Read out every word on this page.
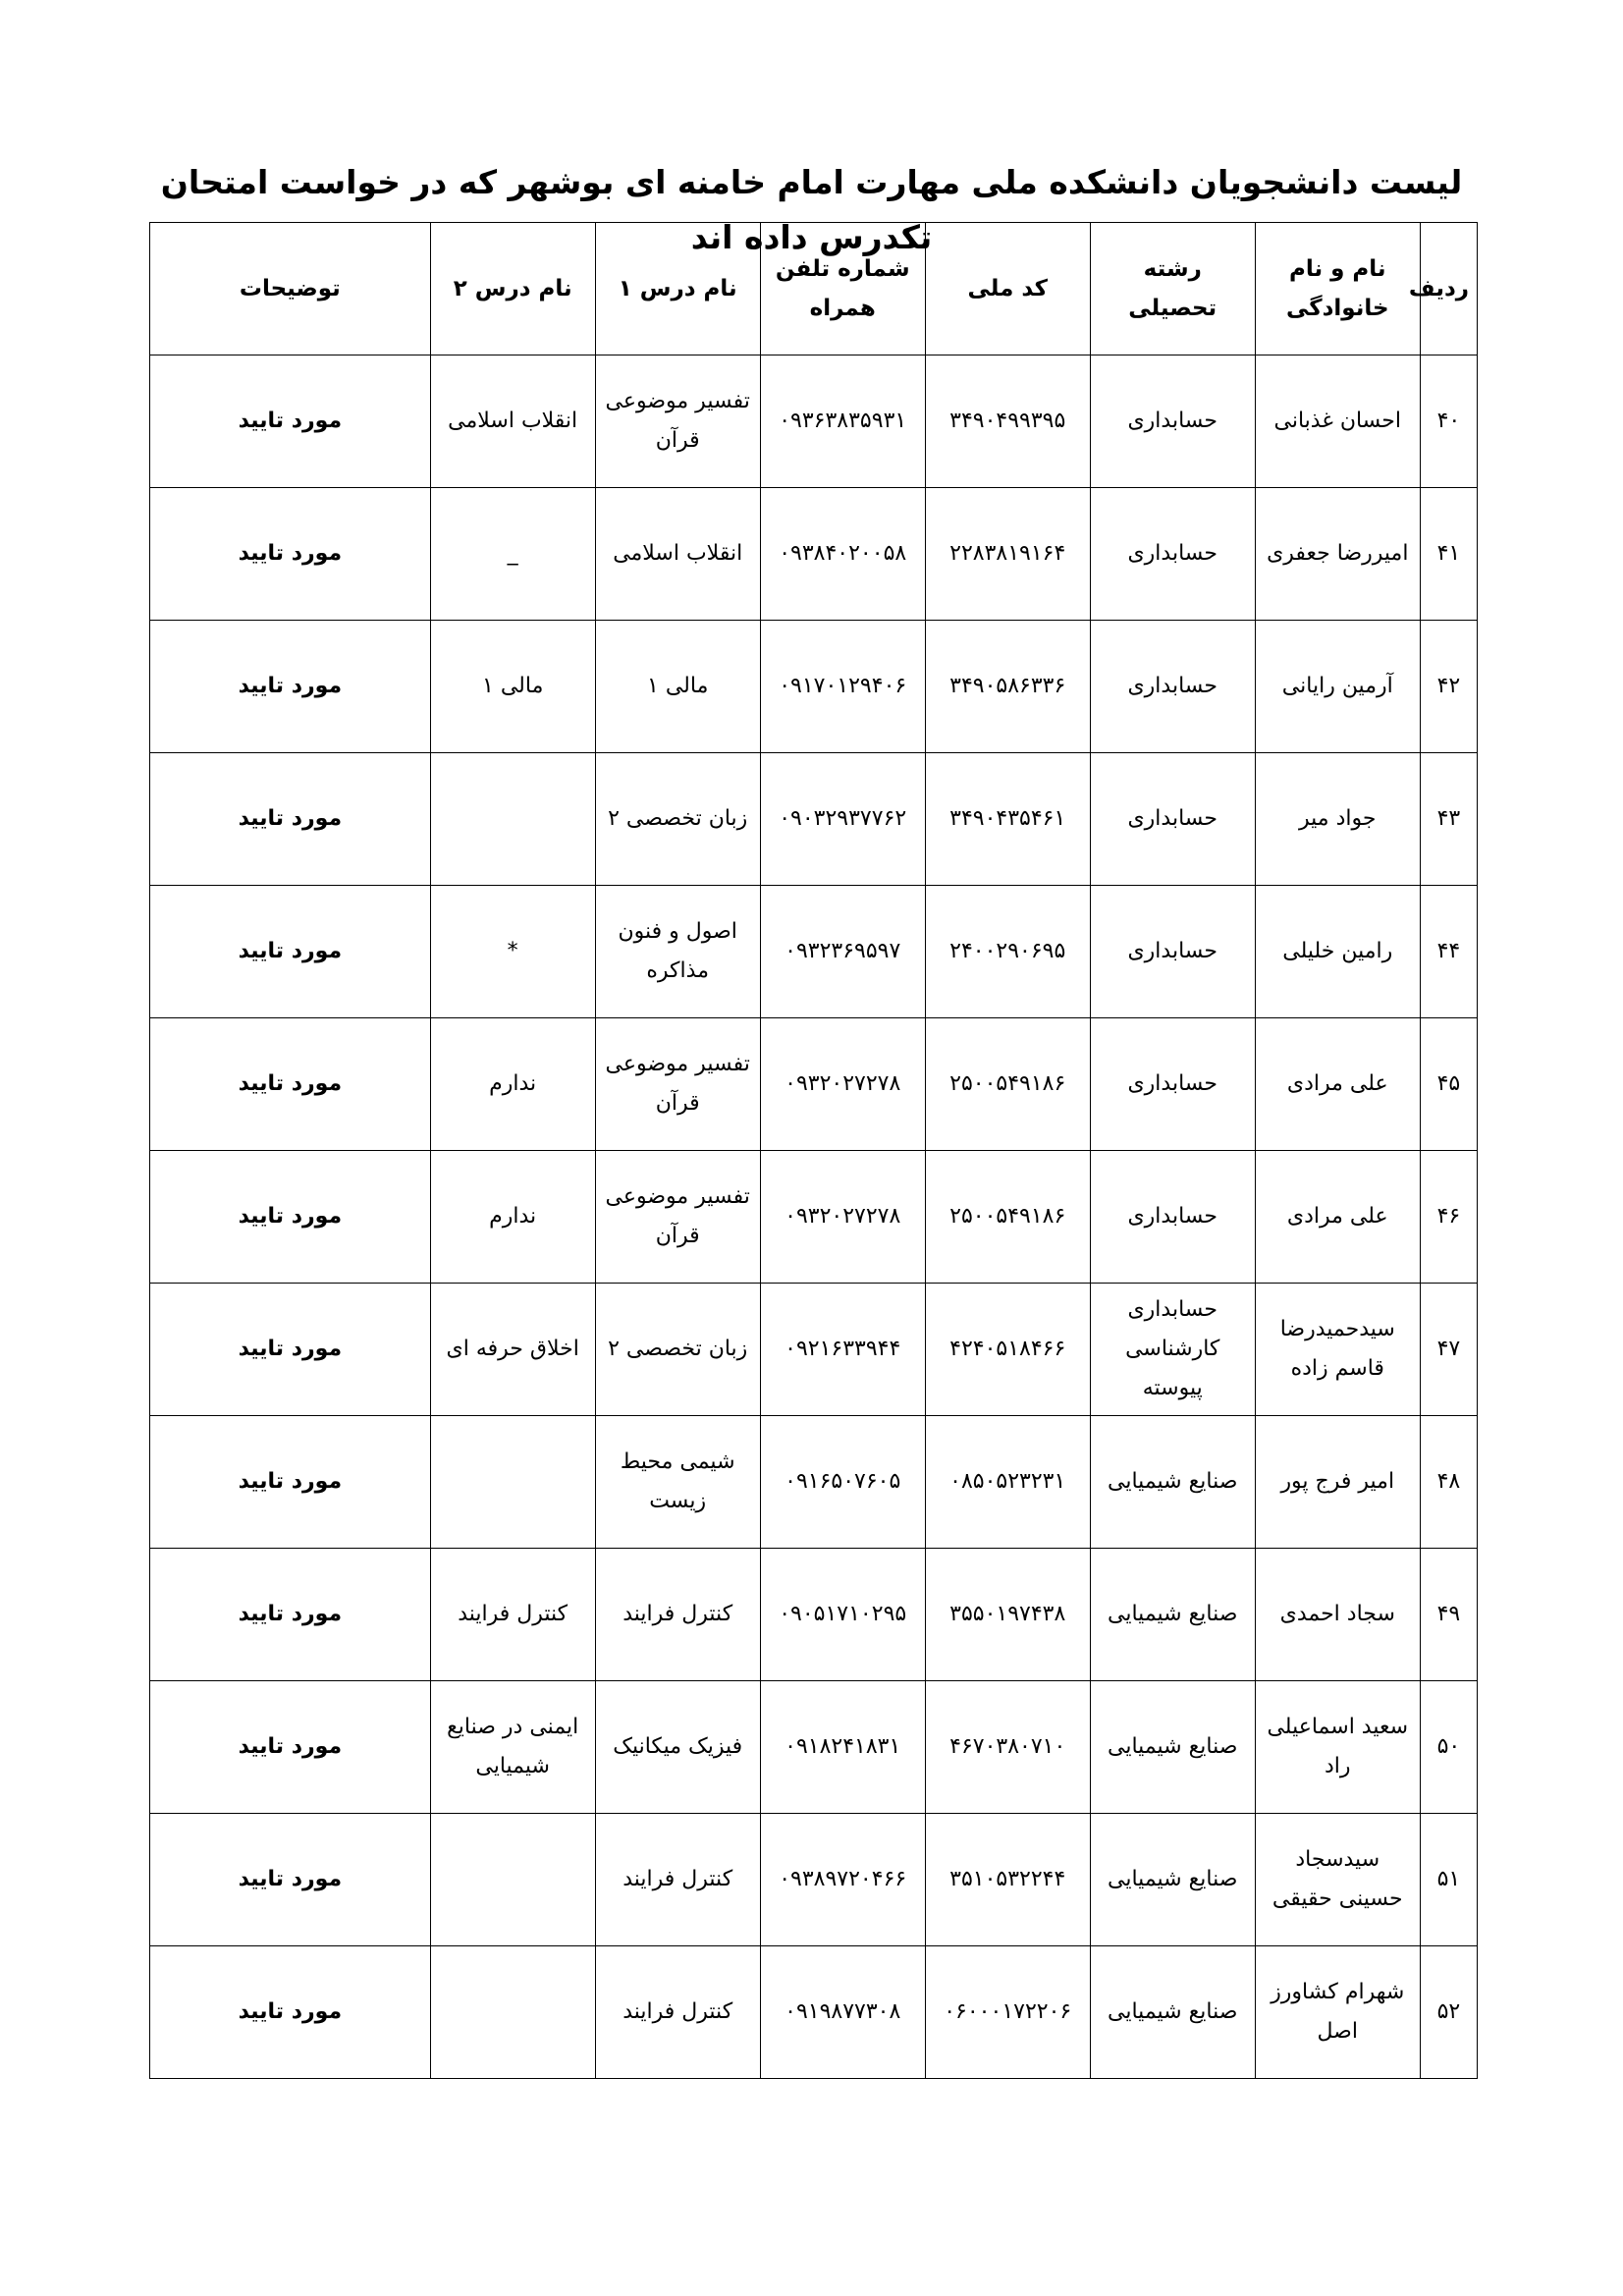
لیست دانشجویان دانشکده ملی مهارت امام خامنه ای بوشهر که در خواست امتحان تکدرس داده اند
ردیف	نام و نام خانوادگی	رشته تحصیلی	کد ملی	شماره تلفن همراه	نام درس ۱	نام درس ۲	توضیحات
۴۰	احسان غذبانی	حسابداری	۳۴۹۰۴۹۹۳۹۵	۰۹۳۶۳۸۳۵۹۳۱	تفسیر موضوعی قرآن	انقلاب اسلامی	مورد تایید
۴۱	امیررضا جعفری	حسابداری	۲۲۸۳۸۱۹۱۶۴	۰۹۳۸۴۰۲۰۰۵۸	انقلاب اسلامی	_	مورد تایید
۴۲	آرمین رایانی	حسابداری	۳۴۹۰۵۸۶۳۳۶	۰۹۱۷۰۱۲۹۴۰۶	مالی ۱	مالی ۱	مورد تایید
۴۳	جواد میر	حسابداری	۳۴۹۰۴۳۵۴۶۱	۰۹۰۳۲۹۳۷۷۶۲	زبان تخصصی ۲		مورد تایید
۴۴	رامین خلیلی	حسابداری	۲۴۰۰۲۹۰۶۹۵	۰۹۳۲۳۶۹۵۹۷	اصول و فنون مذاکره	*	مورد تایید
۴۵	علی مرادی	حسابداری	۲۵۰۰۵۴۹۱۸۶	۰۹۳۲۰۲۷۲۷۸	تفسیر موضوعی قرآن	ندارم	مورد تایید
۴۶	علی مرادی	حسابداری	۲۵۰۰۵۴۹۱۸۶	۰۹۳۲۰۲۷۲۷۸	تفسیر موضوعی قرآن	ندارم	مورد تایید
۴۷	سیدحمیدرضا قاسم زاده	حسابداری کارشناسی پیوسته	۴۲۴۰۵۱۸۴۶۶	۰۹۲۱۶۳۳۹۴۴	زبان تخصصی ۲	اخلاق حرفه ای	مورد تایید
۴۸	امیر فرج پور	صنایع شیمیایی	۰۸۵۰۵۲۳۲۳۱	۰۹۱۶۵۰۷۶۰۵	شیمی محیط زیست		مورد تایید
۴۹	سجاد احمدی	صنایع شیمیایی	۳۵۵۰۱۹۷۴۳۸	۰۹۰۵۱۷۱۰۲۹۵	کنترل فرایند	کنترل فرایند	مورد تایید
۵۰	سعید اسماعیلی راد	صنایع شیمیایی	۴۶۷۰۳۸۰۷۱۰	۰۹۱۸۲۴۱۸۳۱	فیزیک میکانیک	ایمنی در صنایع شیمیایی	مورد تایید
۵۱	سیدسجاد حسینی حقیقی	صنایع شیمیایی	۳۵۱۰۵۳۲۲۴۴	۰۹۳۸۹۷۲۰۴۶۶	کنترل فرایند		مورد تایید
۵۲	شهرام کشاورز اصل	صنایع شیمیایی	۰۶۰۰۰۱۷۲۲۰۶	۰۹۱۹۸۷۷۳۰۸	کنترل فرایند		مورد تایید
